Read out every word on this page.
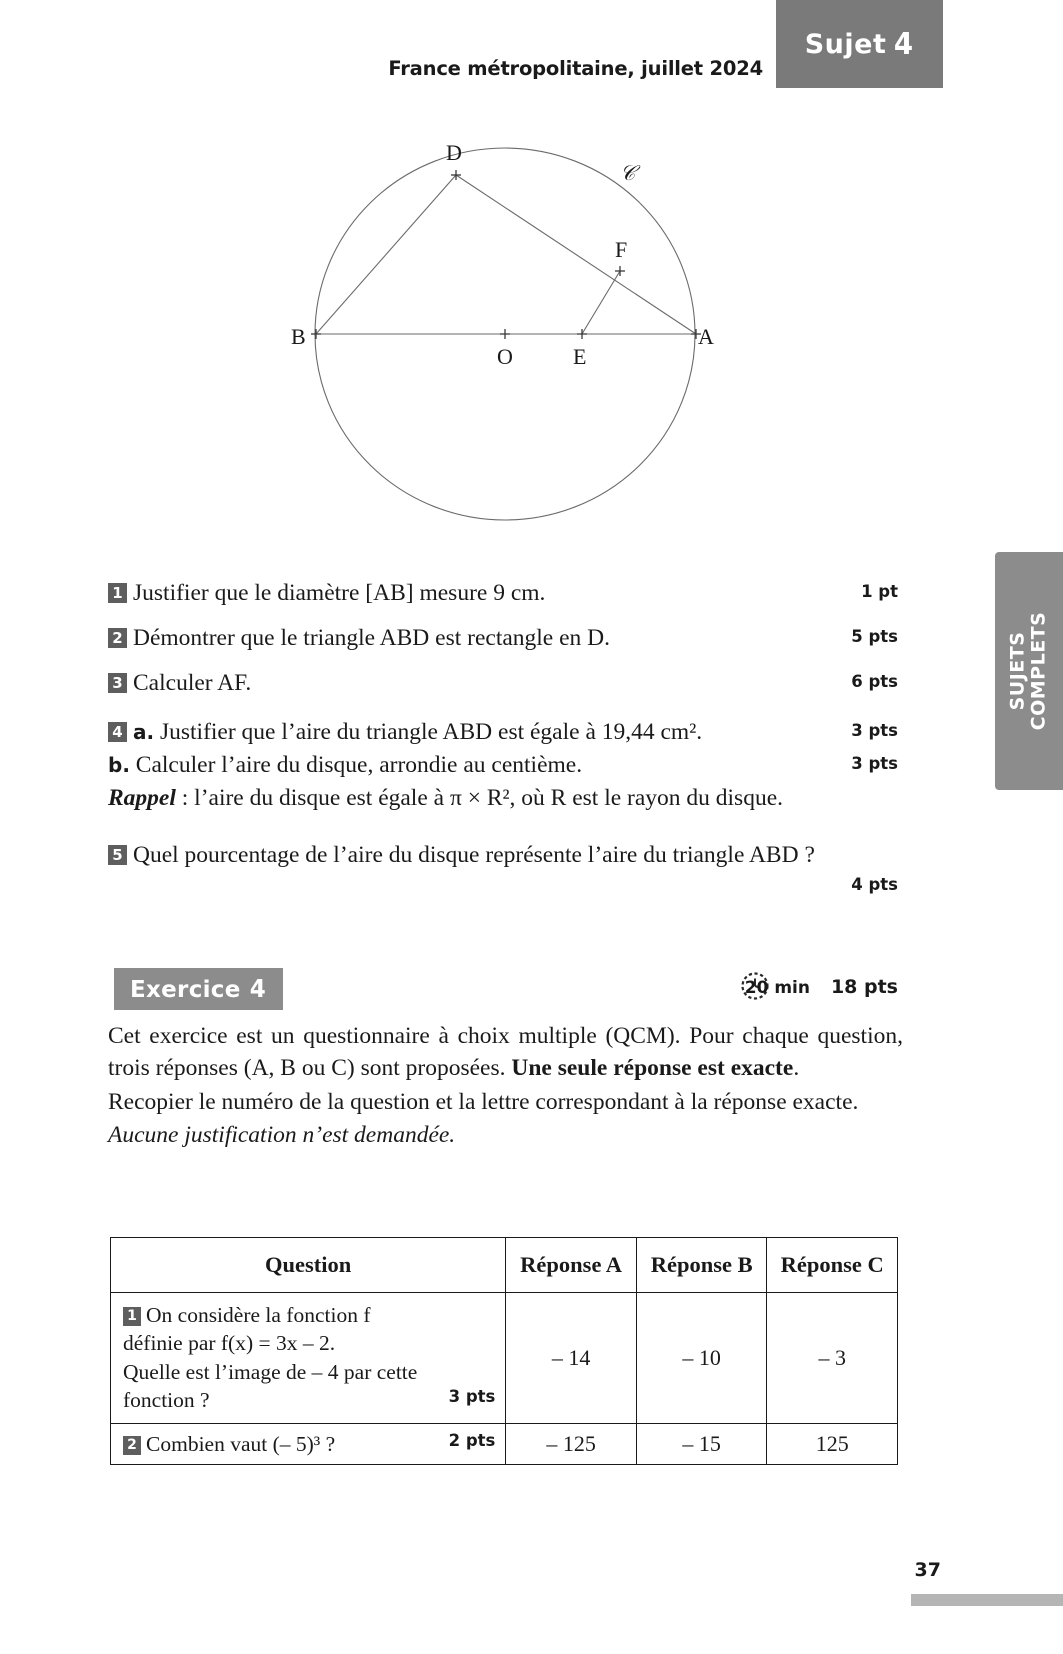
France métropolitaine, juillet 2024
Sujet 4
SUJETS
COMPLETS
D
F
B	A
O	E
𝒞
1 Justifier que le diamètre [AB] mesure 9 cm.	1 pt
2 Démontrer que le triangle ABD est rectangle en D.	5 pts
3 Calculer AF.	6 pts
4 a. Justifier que l’aire du triangle ABD est égale à 19,44 cm².	3 pts
b. Calculer l’aire du disque, arrondie au centième.	3 pts
Rappel : l’aire du disque est égale à π × R², où R est le rayon du disque.
5 Quel pourcentage de l’aire du disque représente l’aire du triangle ABD ?
4 pts
Exercice 4	20 min 18 pts

Cet exercice est un questionnaire à choix multiple (QCM). Pour chaque question, trois réponses (A, B ou C) sont proposées. Une seule réponse est exacte.

Recopier le numéro de la question et la lettre correspondant à la réponse exacte.

Aucune justification n’est demandée.

Question	Réponse A	Réponse B	Réponse C
1 On considère la fonction f
définie par f(x) = 3x – 2.
Quelle est l’image de – 4 par cette
fonction ? 3 pts	– 14	– 10	– 3
2 Combien vaut (– 5)³ ? 2 pts	– 125	– 15	125
37
